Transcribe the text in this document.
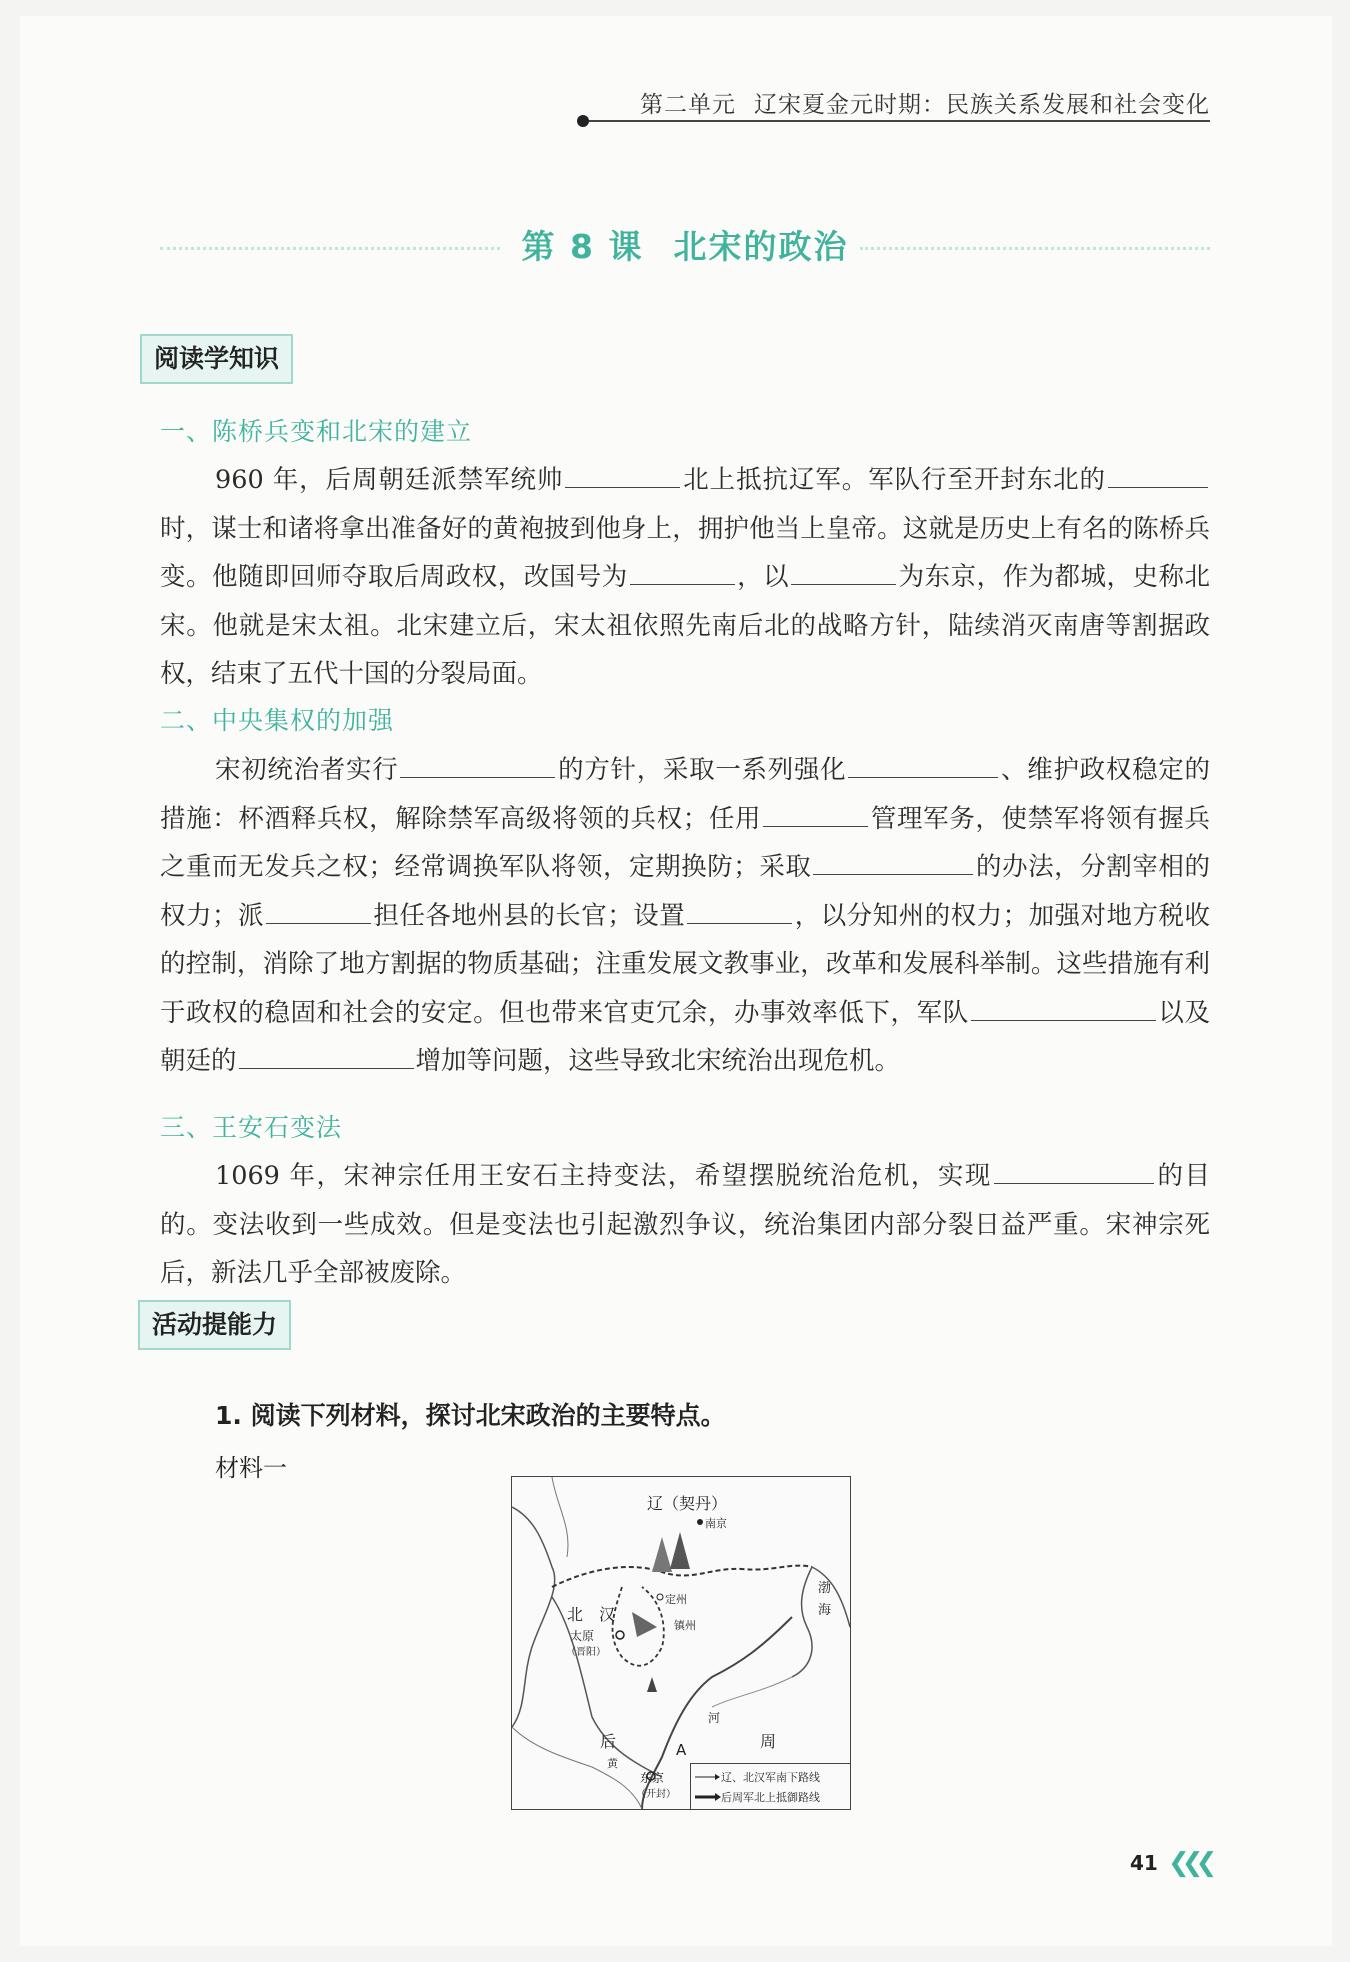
第二单元 辽宋夏金元时期：民族关系发展和社会变化
第 8 课 北宋的政治
阅读学知识
一、陈桥兵变和北宋的建立
960 年，后周朝廷派禁军统帅	北上抵抗辽军。军队行至开封东北的时，谋士和诸将拿出准备好的黄袍披到他身上，拥护他当上皇帝。这就是历史上有名的陈桥兵变。他随即回师夺取后周政权，改国号为	，以	为东京，作为都城，史称北宋。他就是宋太祖。北宋建立后，宋太祖依照先南后北的战略方针，陆续消灭南唐等割据政权，结束了五代十国的分裂局面。
二、中央集权的加强
宋初统治者实行	的方针，采取一系列强化	、维护政权稳定的措施：杯酒释兵权，解除禁军高级将领的兵权；任用	管理军务，使禁军将领有握兵之重而无发兵之权；经常调换军队将领，定期换防；采取	的办法，分割宰相的权力；派	担任各地州县的长官；设置	，以分知州的权力；加强对地方税收的控制，消除了地方割据的物质基础；注重发展文教事业，改革和发展科举制。这些措施有利于政权的稳固和社会的安定。但也带来官吏冗余，办事效率低下，军队	以及朝廷的	增加等问题，这些导致北宋统治出现危机。
三、王安石变法
1069 年，宋神宗任用王安石主持变法，希望摆脱统治危机，实现	的目的。变法收到一些成效。但是变法也引起激烈争议，统治集团内部分裂日益严重。宋神宗死后，新法几乎全部被废除。
活动提能力
1. 阅读下列材料，探讨北宋政治的主要特点。
材料一
辽（契丹）
南京
定州
镇州
北　汉
太原
（晋阳）
渤
海
河
后	周
黄
A
东京
（开封）
辽、北汉军南下路线
后周军北上抵御路线
41 ❮❮❮
